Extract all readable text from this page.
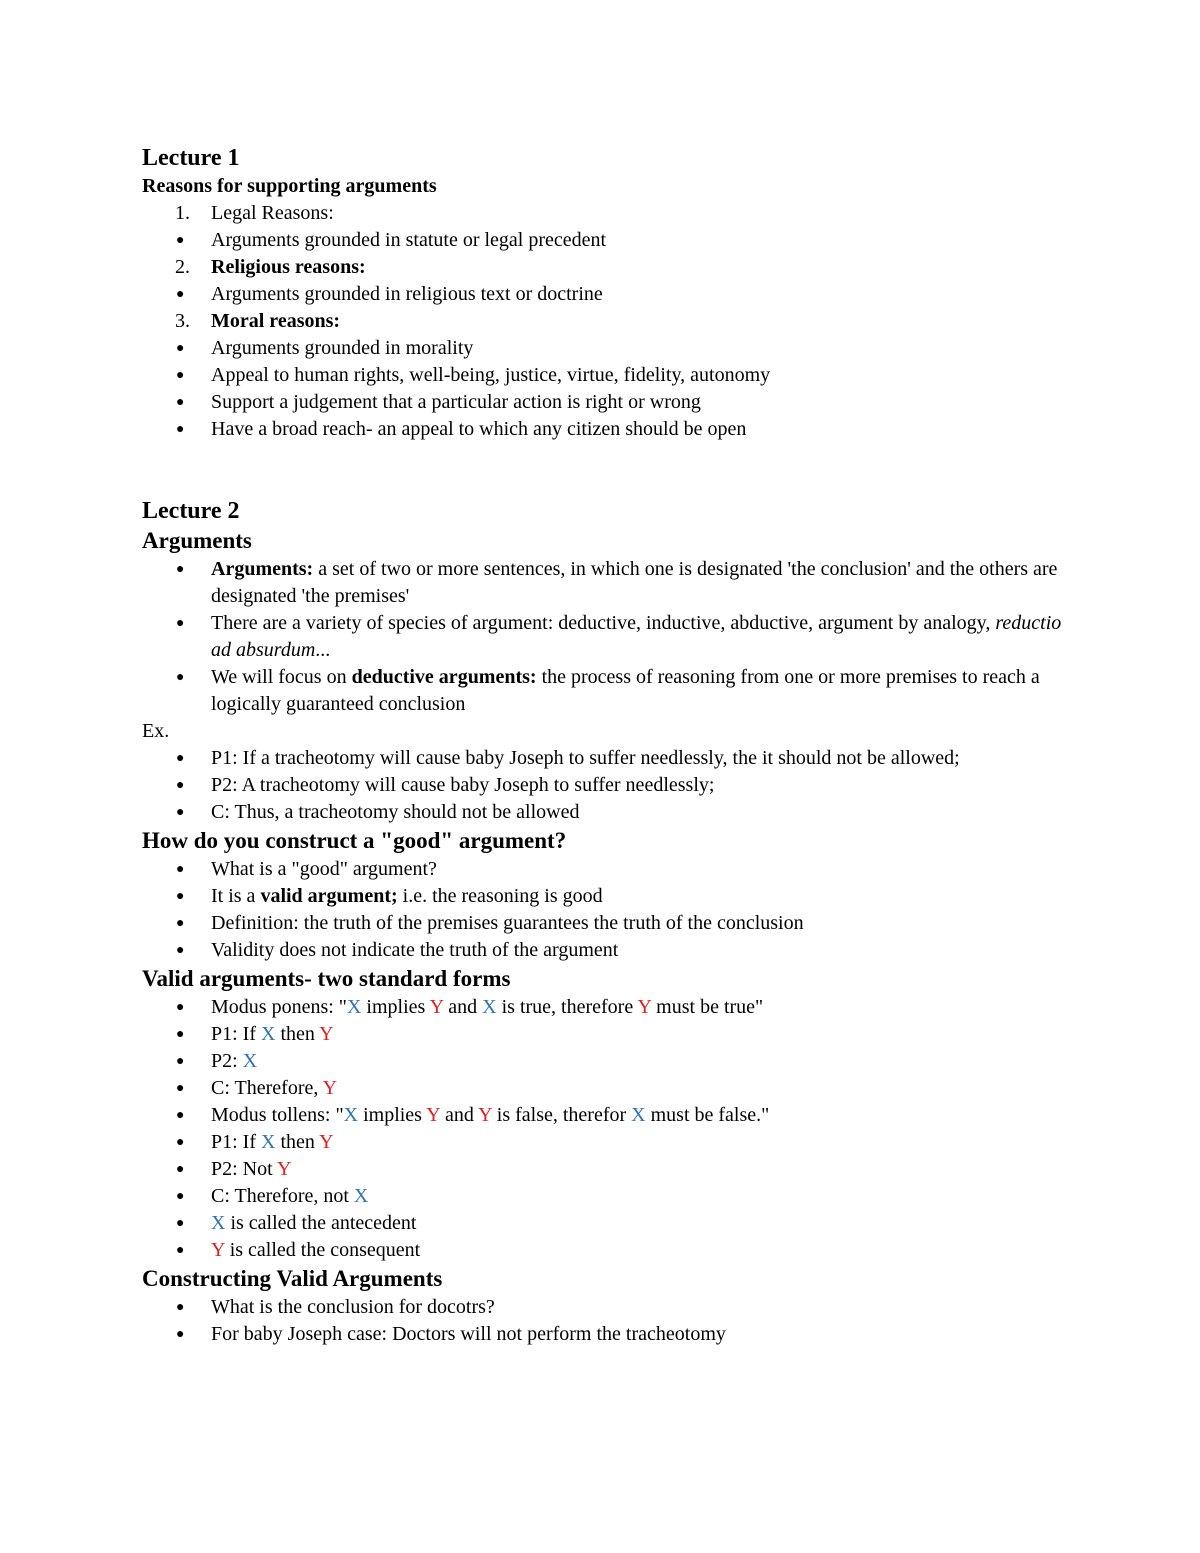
Lecture 1
Reasons for supporting arguments
1.	Legal Reasons:
●	Arguments grounded in statute or legal precedent
2.	Religious reasons:
●	Arguments grounded in religious text or doctrine
3.	Moral reasons:
●	Arguments grounded in morality
●	Appeal to human rights, well-being, justice, virtue, fidelity, autonomy
●	Support a judgement that a particular action is right or wrong
●	Have a broad reach- an appeal to which any citizen should be open
Lecture 2
Arguments
●	Arguments: a set of two or more sentences, in which one is designated 'the conclusion' and the others are designated 'the premises'
●	There are a variety of species of argument: deductive, inductive, abductive, argument by analogy, reductio ad absurdum...
●	We will focus on deductive arguments: the process of reasoning from one or more premises to reach a logically guaranteed conclusion
Ex.
●	P1: If a tracheotomy will cause baby Joseph to suffer needlessly, the it should not be allowed;
●	P2: A tracheotomy will cause baby Joseph to suffer needlessly;
●	C: Thus, a tracheotomy should not be allowed
How do you construct a "good" argument?
●	What is a "good" argument?
●	It is a valid argument; i.e. the reasoning is good
●	Definition: the truth of the premises guarantees the truth of the conclusion
●	Validity does not indicate the truth of the argument
Valid arguments- two standard forms
●	Modus ponens: "X implies Y and X is true, therefore Y must be true"
●	P1: If X then Y
●	P2: X
●	C: Therefore, Y
●	Modus tollens: "X implies Y and Y is false, therefor X must be false."
●	P1: If X then Y
●	P2: Not Y
●	C: Therefore, not X
●	X is called the antecedent
●	Y is called the consequent
Constructing Valid Arguments
●	What is the conclusion for docotrs?
●	For baby Joseph case: Doctors will not perform the tracheotomy
